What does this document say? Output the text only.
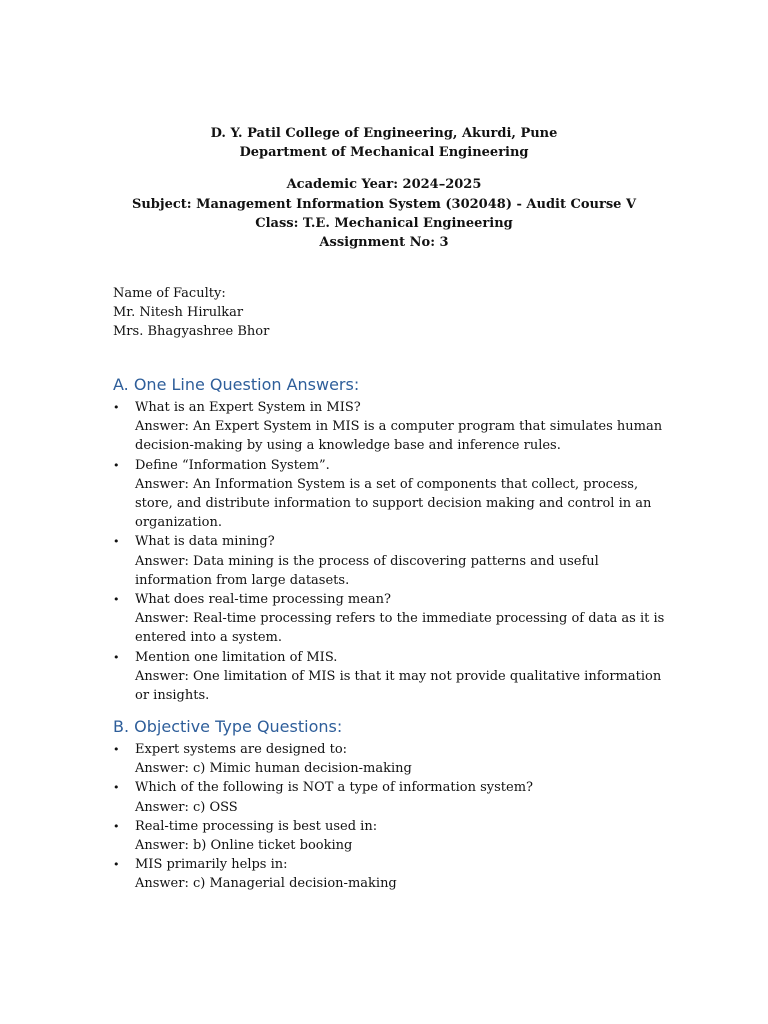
D. Y. Patil College of Engineering, Akurdi, Pune
Department of Mechanical Engineering
Academic Year: 2024–2025
Subject: Management Information System (302048) - Audit Course V
Class: T.E. Mechanical Engineering
Assignment No: 3
Name of Faculty:
Mr. Nitesh Hirulkar
Mrs. Bhagyashree Bhor
A. One Line Question Answers:
•	What is an Expert System in MIS?
Answer: An Expert System in MIS is a computer program that simulates human decision-making by using a knowledge base and inference rules.
•	Define “Information System”.
Answer: An Information System is a set of components that collect, process, store, and distribute information to support decision making and control in an organization.
•	What is data mining?
Answer: Data mining is the process of discovering patterns and useful information from large datasets.
•	What does real-time processing mean?
Answer: Real-time processing refers to the immediate processing of data as it is entered into a system.
•	Mention one limitation of MIS.
Answer: One limitation of MIS is that it may not provide qualitative information or insights.
B. Objective Type Questions:
•	Expert systems are designed to:
Answer: c) Mimic human decision-making
•	Which of the following is NOT a type of information system?
Answer: c) OSS
•	Real-time processing is best used in:
Answer: b) Online ticket booking
•	MIS primarily helps in:
Answer: c) Managerial decision-making
